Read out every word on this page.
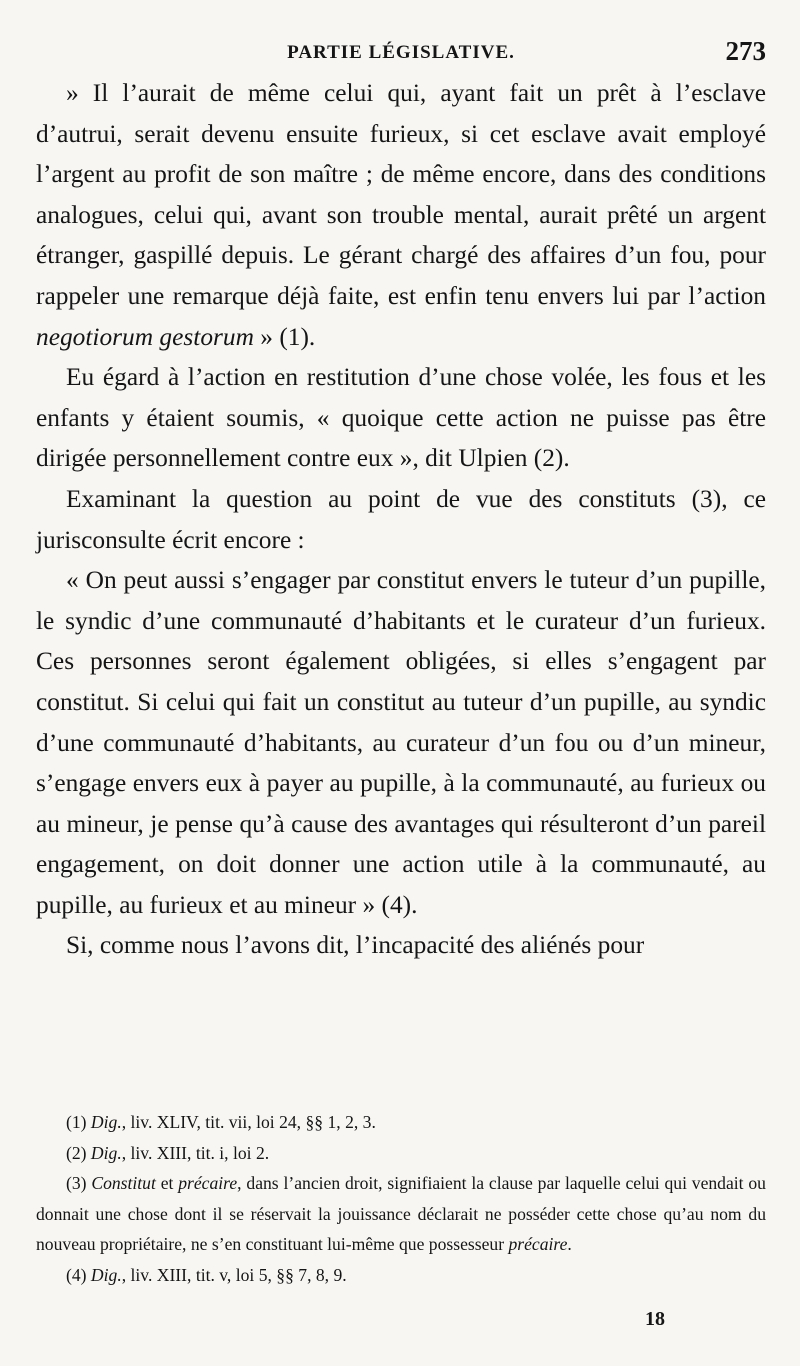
PARTIE LÉGISLATIVE.	273

» Il l’aurait de même celui qui, ayant fait un prêt à l’esclave d’autrui, serait devenu ensuite furieux, si cet esclave avait employé l’argent au profit de son maître ; de même encore, dans des conditions analogues, celui qui, avant son trouble mental, aurait prêté un argent étranger, gaspillé depuis. Le gérant chargé des affaires d’un fou, pour rappeler une remarque déjà faite, est enfin tenu envers lui par l’action negotiorum gestorum » (1).

Eu égard à l’action en restitution d’une chose volée, les fous et les enfants y étaient soumis, « quoique cette action ne puisse pas être dirigée personnellement contre eux », dit Ulpien (2).

Examinant la question au point de vue des constituts (3), ce jurisconsulte écrit encore :

« On peut aussi s’engager par constitut envers le tuteur d’un pupille, le syndic d’une communauté d’habitants et le curateur d’un furieux. Ces personnes seront également obligées, si elles s’engagent par constitut. Si celui qui fait un constitut au tuteur d’un pupille, au syndic d’une communauté d’habitants, au curateur d’un fou ou d’un mineur, s’engage envers eux à payer au pupille, à la communauté, au furieux ou au mineur, je pense qu’à cause des avantages qui résulteront d’un pareil engagement, on doit donner une action utile à la communauté, au pupille, au furieux et au mineur » (4).

Si, comme nous l’avons dit, l’incapacité des aliénés pour

(1) Dig., liv. XLIV, tit. vii, loi 24, §§ 1, 2, 3.

(2) Dig., liv. XIII, tit. i, loi 2.

(3) Constitut et précaire, dans l’ancien droit, signifiaient la clause par laquelle celui qui vendait ou donnait une chose dont il se réservait la jouissance déclarait ne posséder cette chose qu’au nom du nouveau propriétaire, ne s’en constituant lui-même que possesseur précaire.

(4) Dig., liv. XIII, tit. v, loi 5, §§ 7, 8, 9.

18
